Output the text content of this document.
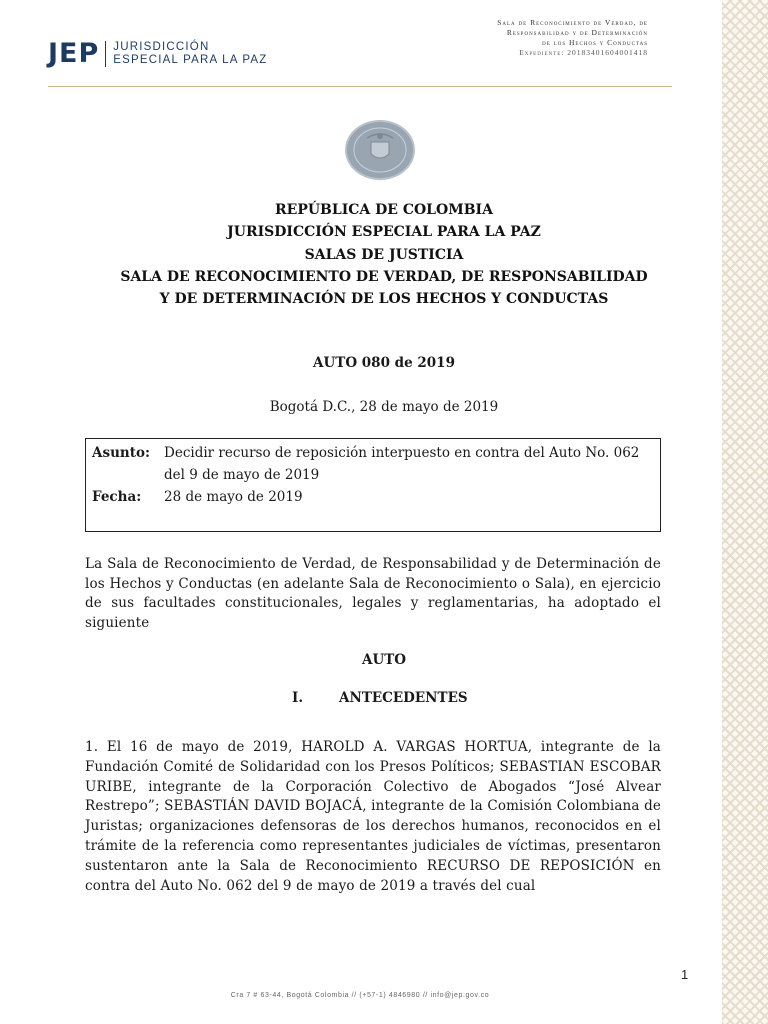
JEP JURISDICCIÓN
ESPECIAL PARA LA PAZ
Sala de Reconocimiento de Verdad, de
Responsabilidad y de Determinación
de los Hechos y Conductas
Expediente: 20183401604001418
REPÚBLICA DE COLOMBIA
JURISDICCIÓN ESPECIAL PARA LA PAZ
SALAS DE JUSTICIA
SALA DE RECONOCIMIENTO DE VERDAD, DE RESPONSABILIDAD
Y DE DETERMINACIÓN DE LOS HECHOS Y CONDUCTAS
AUTO 080 de 2019
Bogotá D.C., 28 de mayo de 2019
Asunto:	Decidir recurso de reposición interpuesto en contra del Auto No. 062 del 9 de mayo de 2019
Fecha:	28 de mayo de 2019
La Sala de Reconocimiento de Verdad, de Responsabilidad y de Determinación de los Hechos y Conductas (en adelante Sala de Reconocimiento o Sala), en ejercicio de sus facultades constitucionales, legales y reglamentarias, ha adoptado el siguiente
AUTO
I.	ANTECEDENTES
1. El 16 de mayo de 2019, HAROLD A. VARGAS HORTUA, integrante de la Fundación Comité de Solidaridad con los Presos Políticos; SEBASTIAN ESCOBAR URIBE, integrante de la Corporación Colectivo de Abogados “José Alvear Restrepo”; SEBASTIÁN DAVID BOJACÁ, integrante de la Comisión Colombiana de Juristas; organizaciones defensoras de los derechos humanos, reconocidos en el trámite de la referencia como representantes judiciales de víctimas, presentaron sustentaron ante la Sala de Reconocimiento RECURSO DE REPOSICIÓN en contra del Auto No. 062 del 9 de mayo de 2019 a través del cual
1
Cra 7 # 63-44, Bogotá Colombia // (+57-1) 4846980 // info@jep.gov.co
